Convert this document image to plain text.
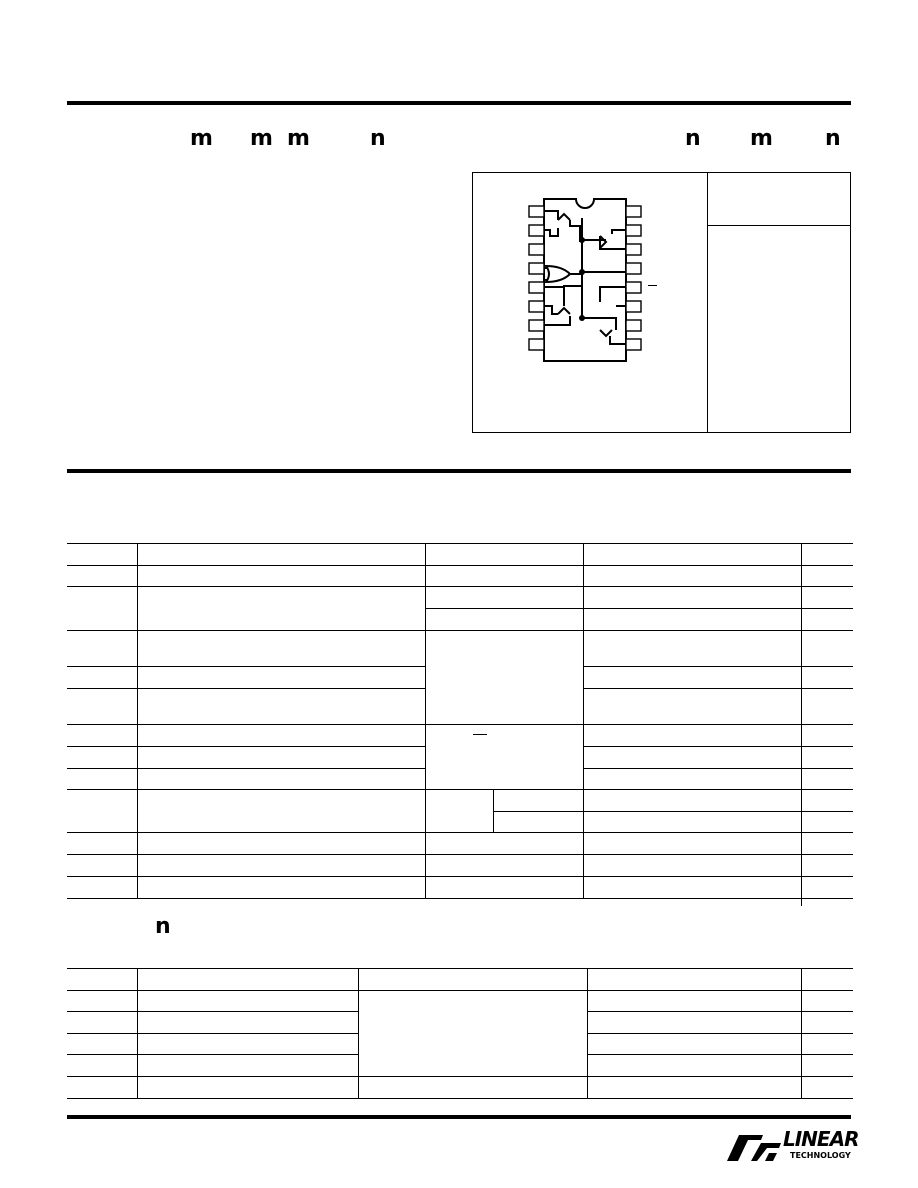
m m m	n	n m n
n
LINEAR
TECHNOLOGY
